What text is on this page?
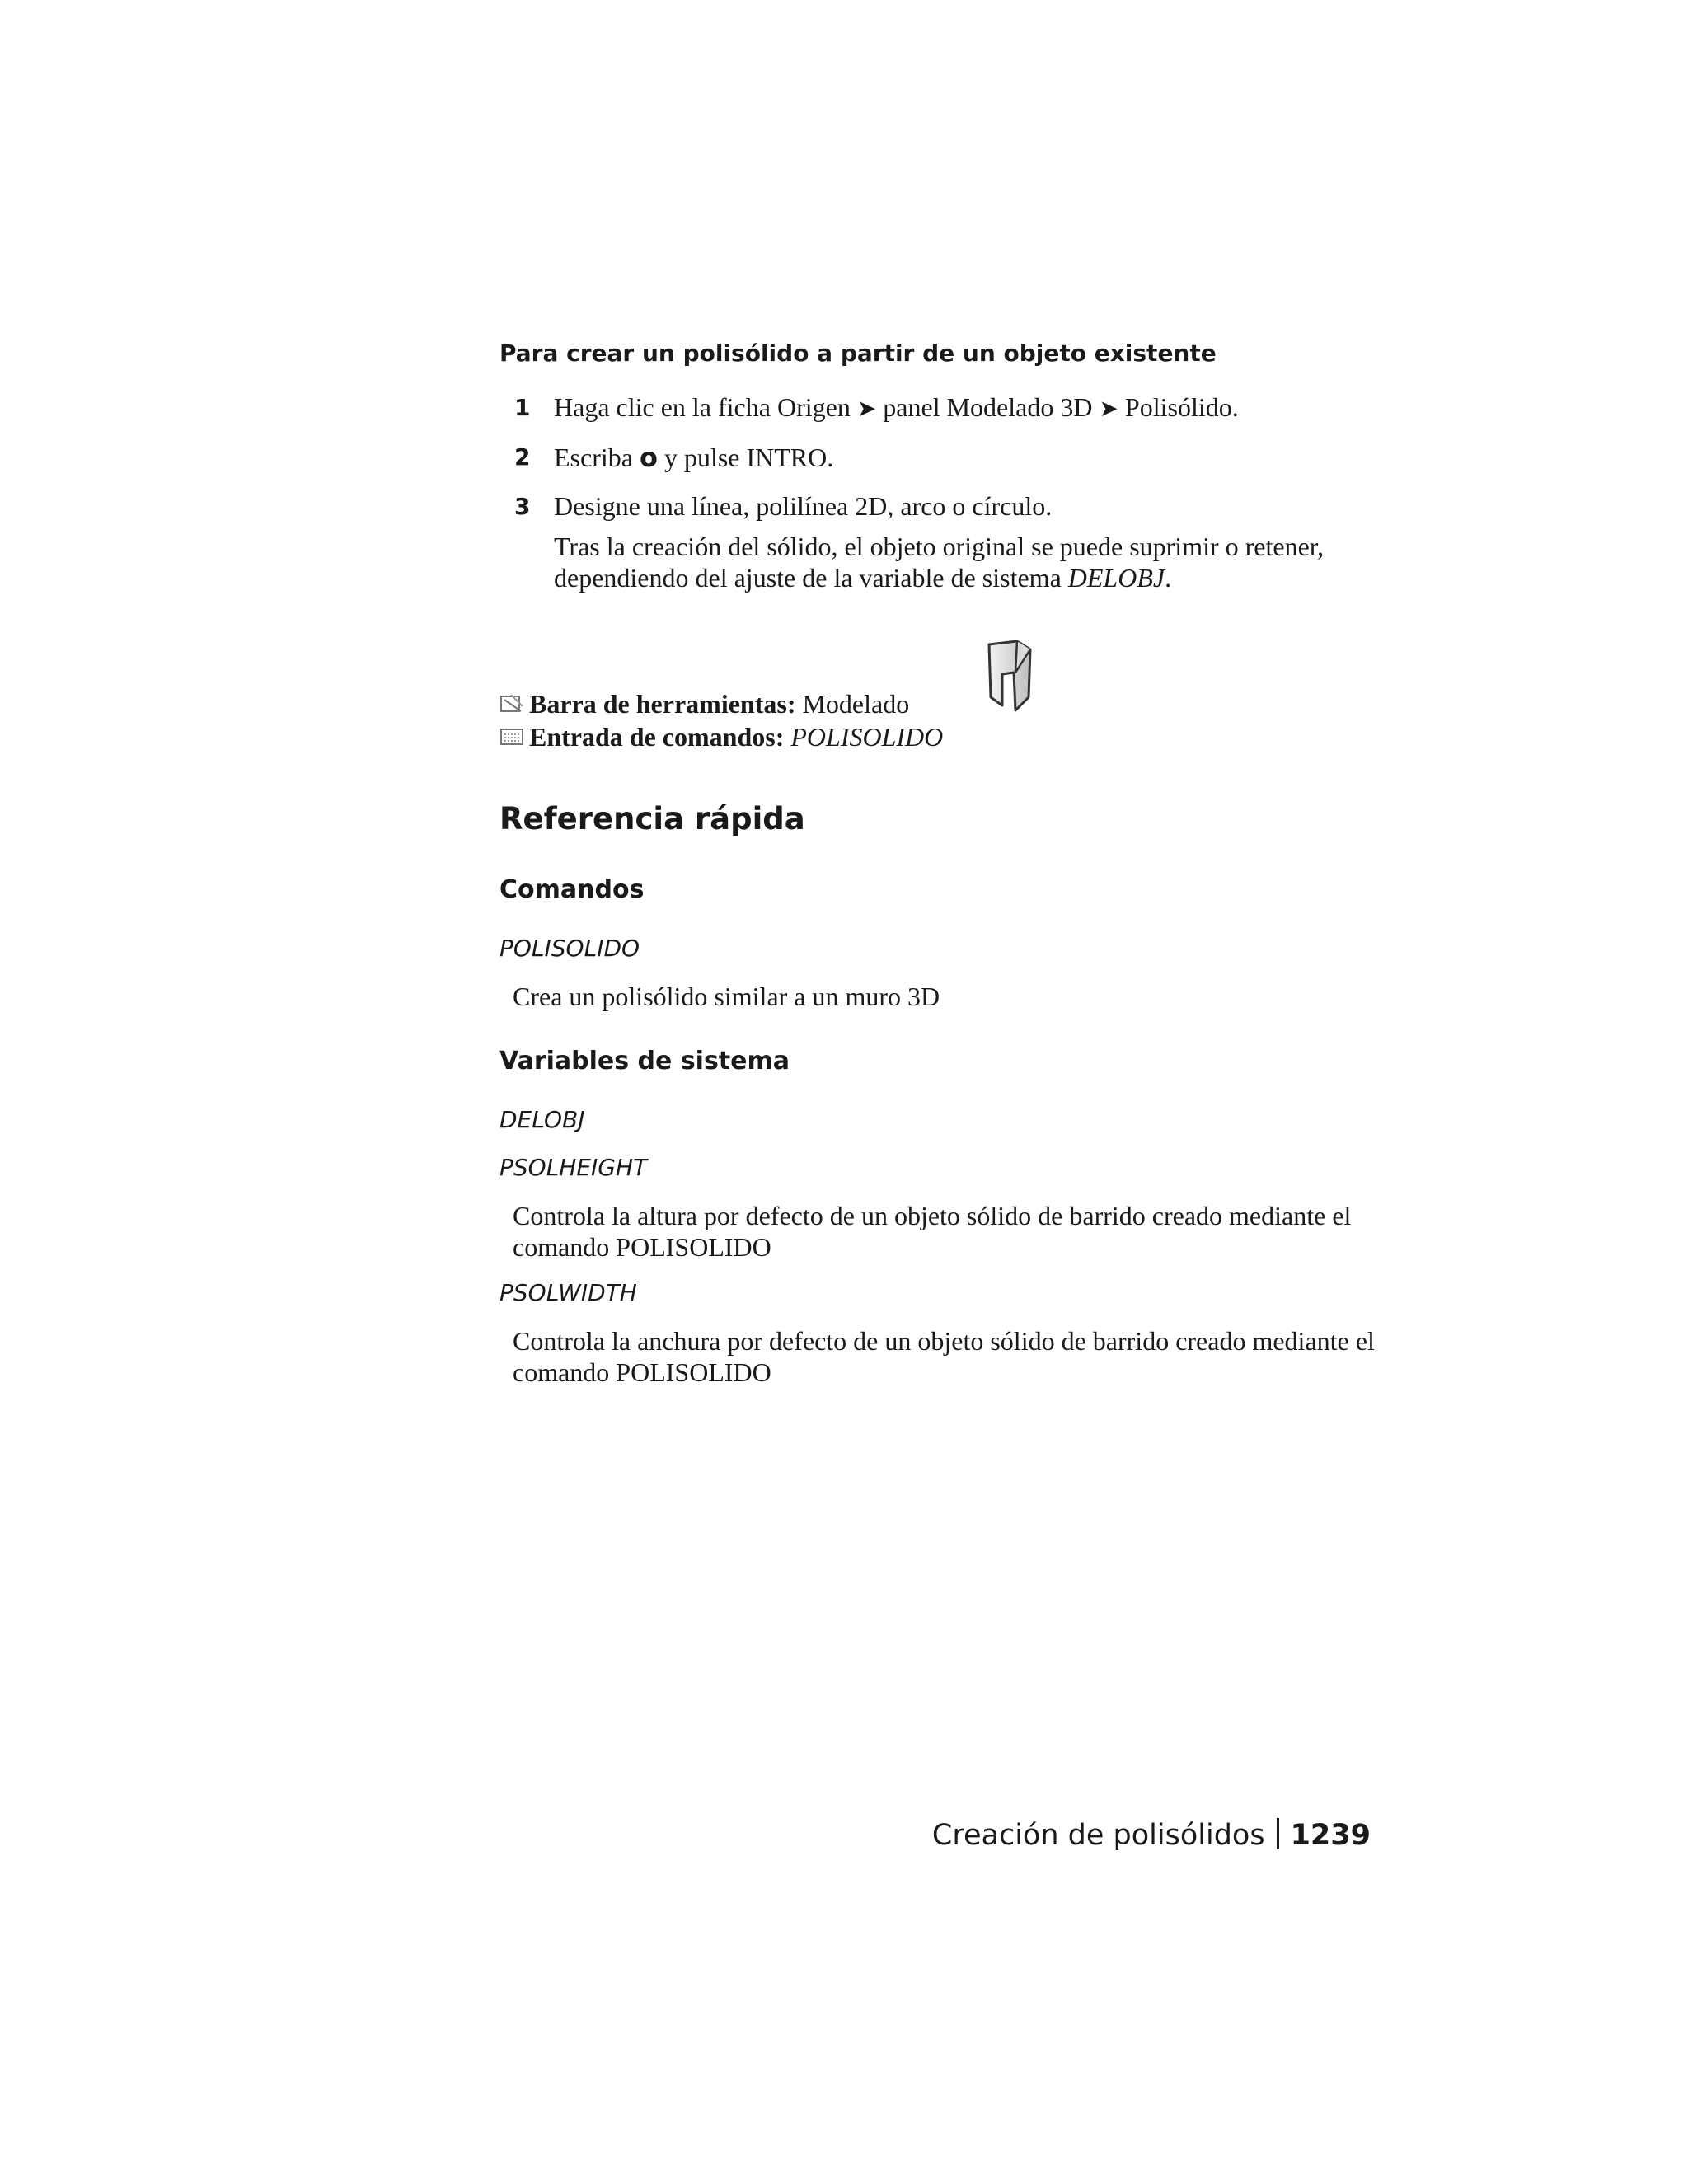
Para crear un polisólido a partir de un objeto existente
1 Haga clic en la ficha Origen ➤ panel Modelado 3D ➤ Polisólido.
2 Escriba o y pulse INTRO.
3 Designe una línea, polilínea 2D, arco o círculo.
Tras la creación del sólido, el objeto original se puede suprimir o retener, dependiendo del ajuste de la variable de sistema DELOBJ.
Barra de herramientas: Modelado
Entrada de comandos: POLISOLIDO
Referencia rápida
Comandos
POLISOLIDO
Crea un polisólido similar a un muro 3D
Variables de sistema
DELOBJ
PSOLHEIGHT
Controla la altura por defecto de un objeto sólido de barrido creado mediante el comando POLISOLIDO
PSOLWIDTH
Controla la anchura por defecto de un objeto sólido de barrido creado mediante el comando POLISOLIDO
Creación de polisólidos 1239
